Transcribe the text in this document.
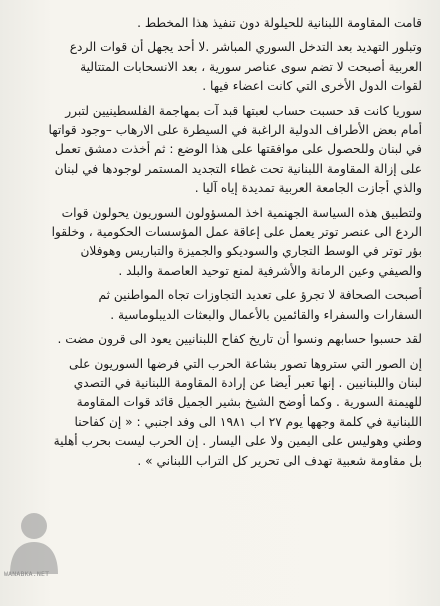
قامت المقاومة اللبنانية للحيلولة دون تنفيذ هذا المخطط .

وتبلور التهديد بعد التدخل السوري المباشر .لا أحد يجهل أن قوات الردع
العربية أصبحت لا تضم سوى عناصر سورية ، بعد الانسحابات المتتالية
لقوات الدول الأخرى التي كانت اعضاء فيها .

سوريا كانت قد حسبت حساب لعبتها قبد آت بمهاجمة الفلسطينيين لتبرر
أمام بعض الأطراف الدولية الراغبة في السيطرة على الارهاب –وجود قواتها
في لبنان وللحصول على موافقتها على هذا الوضع : ثم أخذت دمشق تعمل
على إزالة المقاومة اللبنانية تحت غطاء التجديد المستمر لوجودها في لبنان
والذي أجازت الجامعة العربية تمديدة إياه آليا .

ولتطبيق هذه السياسة الجهنمية اخذ المسؤولون السوريون يحولون قوات
الردع الى عنصر توتر يعمل على إعاقة عمل المؤسسات الحكومية ، وخلقوا
بؤر توتر في الوسط التجاري والسوديكو والجميزة والتباريس وهوفلان
والصيفي وعين الرمانة والأشرفية لمنع توحيد العاصمة والبلد .

أصبحت الصحافة لا تجرؤ على تعديد التجاوزات تجاه المواطنين ثم
السفارات والسفراء والقائمين بالأعمال والبعثات الديبلوماسية .

لقد حسبوا حسابهم ونسوا أن تاريخ كفاح اللبنانيين يعود الى قرون مضت .

إن الصور التي ستروها تصور بشاعة الحرب التي فرضها السوريون على
لبنان واللبنانيين . إنها تعبر أيضا عن إرادة المقاومة اللبنانية في التصدي
للهيمنة السورية . وكما أوضح الشيخ بشير الجميل قائد قوات المقاومة
اللبنانية في كلمة وجهها يوم ٢٧ اب ١٩٨١ الى وفد اجنبي : « إن كفاحنا
وطني وهوليس على اليمين ولا على اليسار . إن الحرب ليست بحرب أهلية
بل مقاومة شعبية تهدف الى تحرير كل التراب اللبناني » .

WANABKA.NET
